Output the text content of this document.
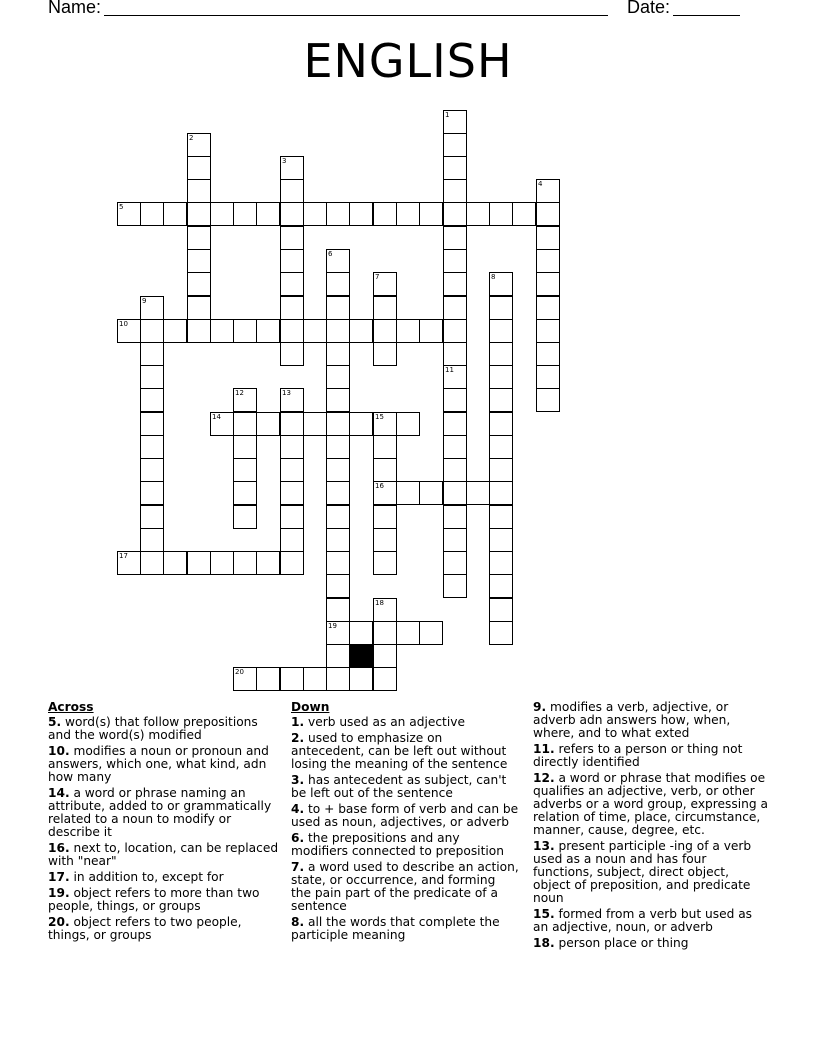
Name:	Date:
ENGLISH
1
2
3
4
5
6
7	8
9
10
11
12	13
14	15
16
17
18
19
20
Across
5. word(s) that follow prepositions and the word(s) modified
10. modifies a noun or pronoun and answers, which one, what kind, adn how many
14. a word or phrase naming an attribute, added to or grammatically related to a noun to modify or describe it
16. next to, location, can be replaced with "near"
17. in addition to, except for
19. object refers to more than two people, things, or groups
20. object refers to two people, things, or groups
Down
1. verb used as an adjective
2. used to emphasize on antecedent, can be left out without losing the meaning of the sentence
3. has antecedent as subject, can't be left out of the sentence
4. to + base form of verb and can be used as noun, adjectives, or adverb
6. the prepositions and any modifiers connected to preposition
7. a word used to describe an action, state, or occurrence, and forming the pain part of the predicate of a sentence
8. all the words that complete the participle meaning
9. modifies a verb, adjective, or adverb adn answers how, when, where, and to what exted
11. refers to a person or thing not directly identified
12. a word or phrase that modifies oe qualifies an adjective, verb, or other adverbs or a word group, expressing a relation of time, place, circumstance, manner, cause, degree, etc.
13. present participle -ing of a verb used as a noun and has four functions, subject, direct object, object of preposition, and predicate noun
15. formed from a verb but used as an adjective, noun, or adverb
18. person place or thing
